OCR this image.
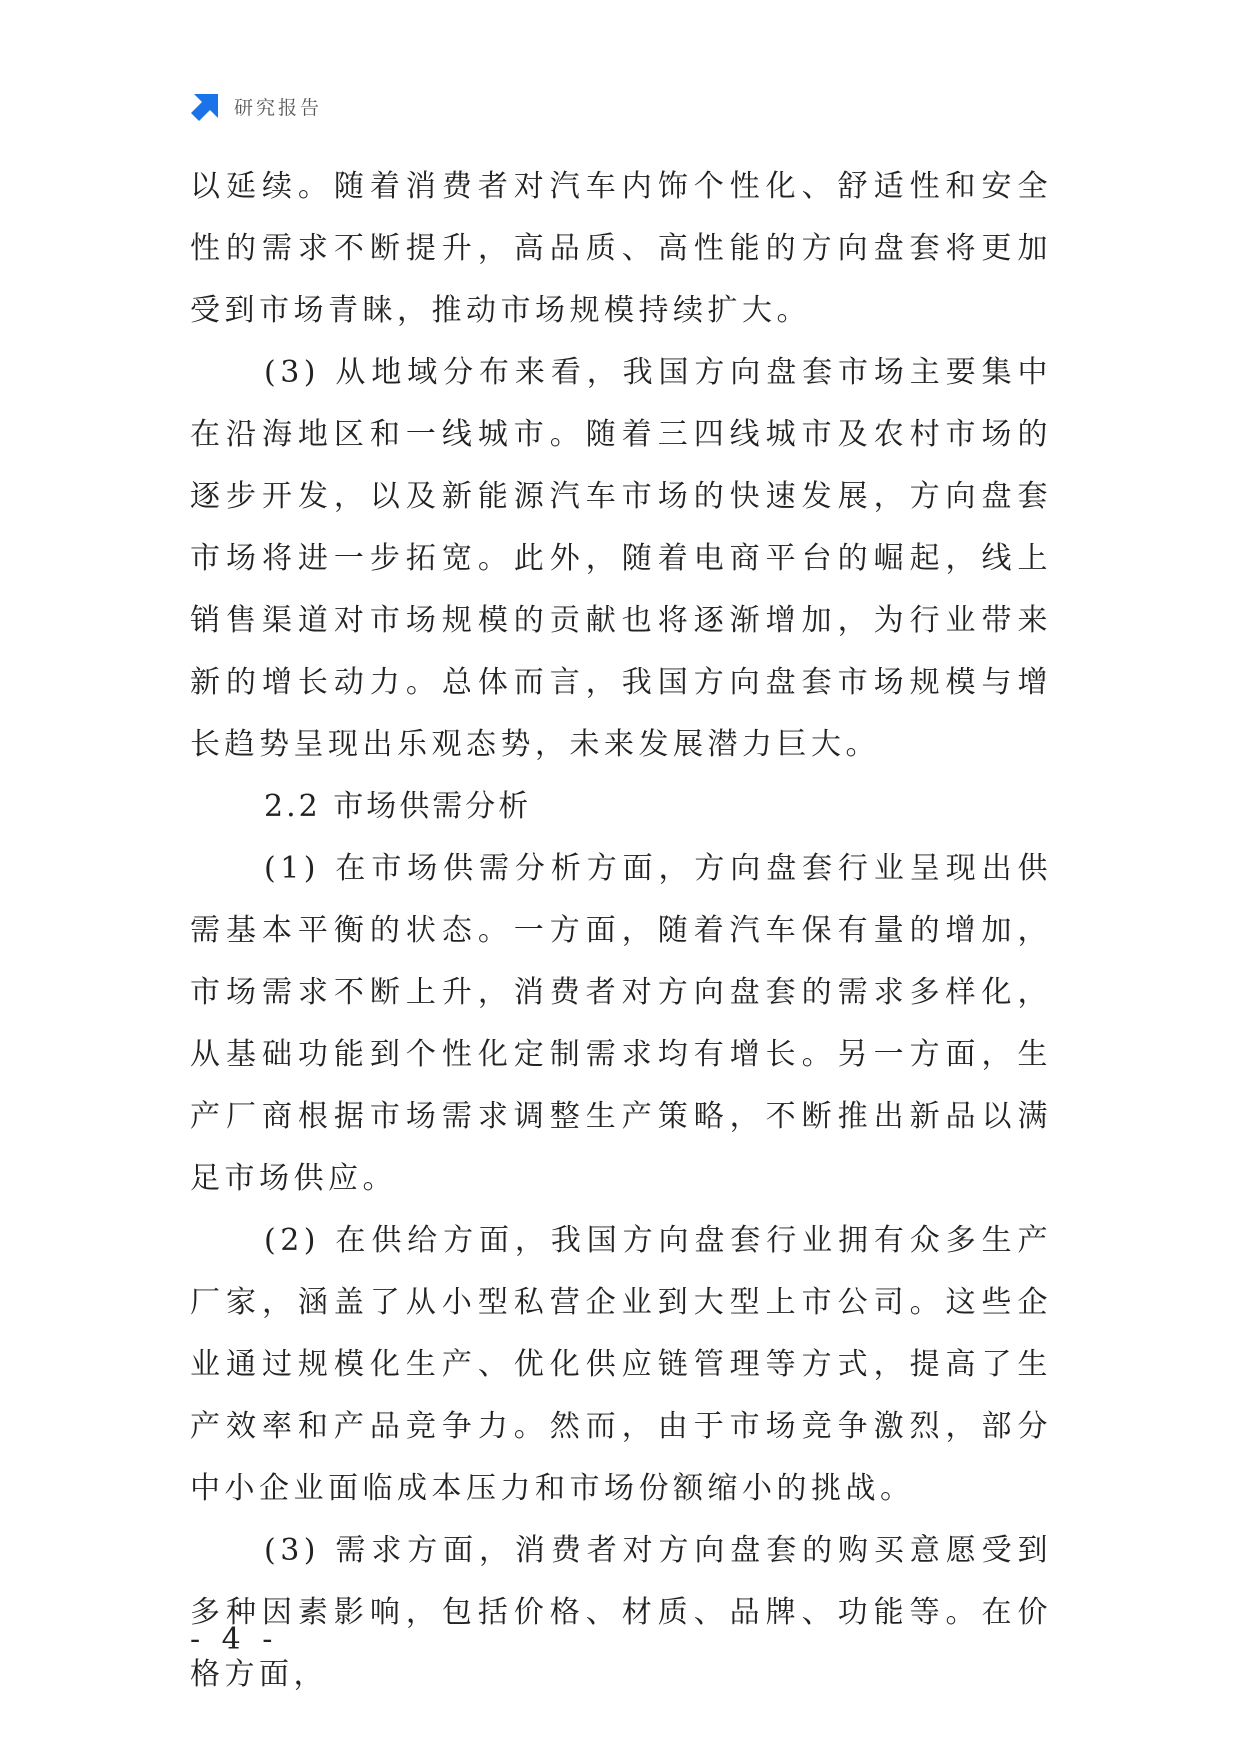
研究报告

以延续。随着消费者对汽车内饰个性化、舒适性和安全性的需求不断提升，高品质、高性能的方向盘套将更加受到市场青睐，推动市场规模持续扩大。

(3) 从地域分布来看，我国方向盘套市场主要集中在沿海地区和一线城市。随着三四线城市及农村市场的逐步开发，以及新能源汽车市场的快速发展，方向盘套市场将进一步拓宽。此外，随着电商平台的崛起，线上销售渠道对市场规模的贡献也将逐渐增加，为行业带来新的增长动力。总体而言，我国方向盘套市场规模与增长趋势呈现出乐观态势，未来发展潜力巨大。

2.2 市场供需分析

(1) 在市场供需分析方面，方向盘套行业呈现出供需基本平衡的状态。一方面，随着汽车保有量的增加，市场需求不断上升，消费者对方向盘套的需求多样化，从基础功能到个性化定制需求均有增长。另一方面，生产厂商根据市场需求调整生产策略，不断推出新品以满足市场供应。

(2) 在供给方面，我国方向盘套行业拥有众多生产厂家，涵盖了从小型私营企业到大型上市公司。这些企业通过规模化生产、优化供应链管理等方式，提高了生产效率和产品竞争力。然而，由于市场竞争激烈，部分中小企业面临成本压力和市场份额缩小的挑战。

(3) 需求方面，消费者对方向盘套的购买意愿受到多种因素影响，包括价格、材质、品牌、功能等。在价格方面，

- 4 -
